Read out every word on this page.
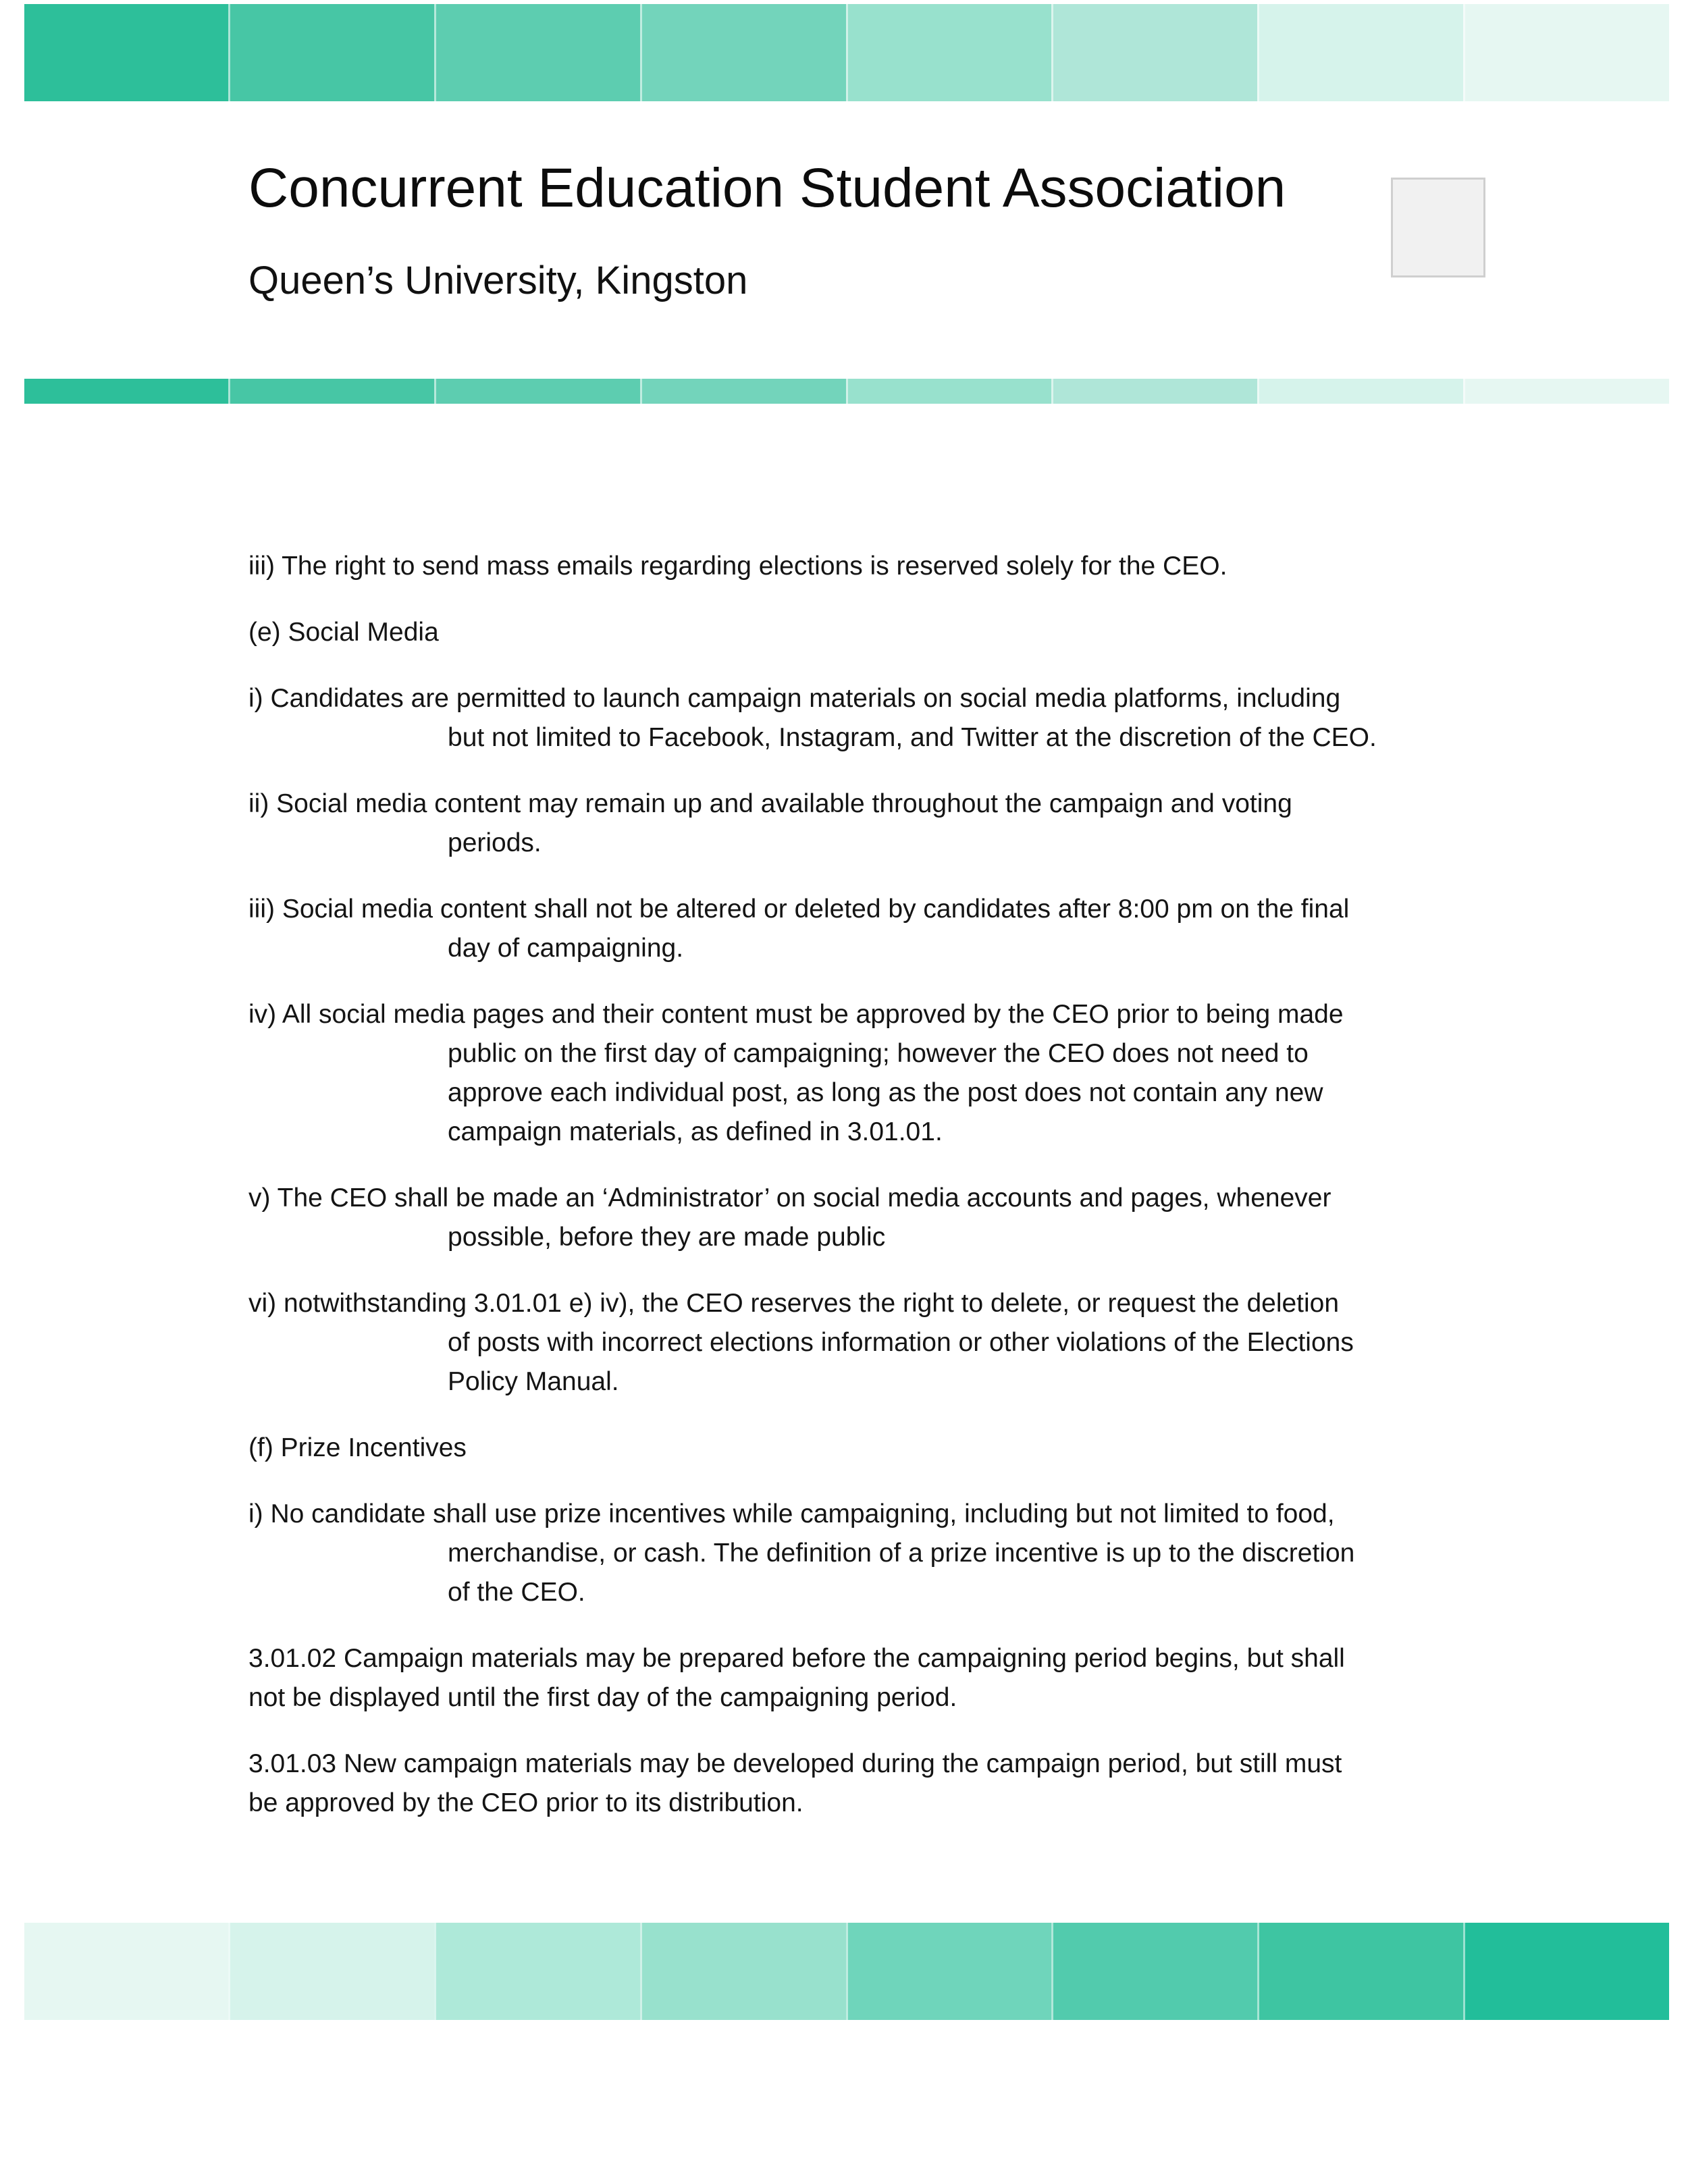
Concurrent Education Student Association
Queen’s University, Kingston

iii) The right to send mass emails regarding elections is reserved solely for the CEO.

(e) Social Media

i) Candidates are permitted to launch campaign materials on social media platforms, including
but not limited to Facebook, Instagram, and Twitter at the discretion of the CEO.

ii) Social media content may remain up and available throughout the campaign and voting
periods.

iii) Social media content shall not be altered or deleted by candidates after 8:00 pm on the final
day of campaigning.

iv) All social media pages and their content must be approved by the CEO prior to being made
public on the first day of campaigning; however the CEO does not need to
approve each individual post, as long as the post does not contain any new
campaign materials, as defined in 3.01.01.

v) The CEO shall be made an ‘Administrator’ on social media accounts and pages, whenever
possible, before they are made public

vi) notwithstanding 3.01.01 e) iv), the CEO reserves the right to delete, or request the deletion
of posts with incorrect elections information or other violations of the Elections
Policy Manual.

(f) Prize Incentives

i) No candidate shall use prize incentives while campaigning, including but not limited to food,
merchandise, or cash. The definition of a prize incentive is up to the discretion
of the CEO.

3.01.02 Campaign materials may be prepared before the campaigning period begins, but shall
not be displayed until the first day of the campaigning period.

3.01.03 New campaign materials may be developed during the campaign period, but still must
be approved by the CEO prior to its distribution.
